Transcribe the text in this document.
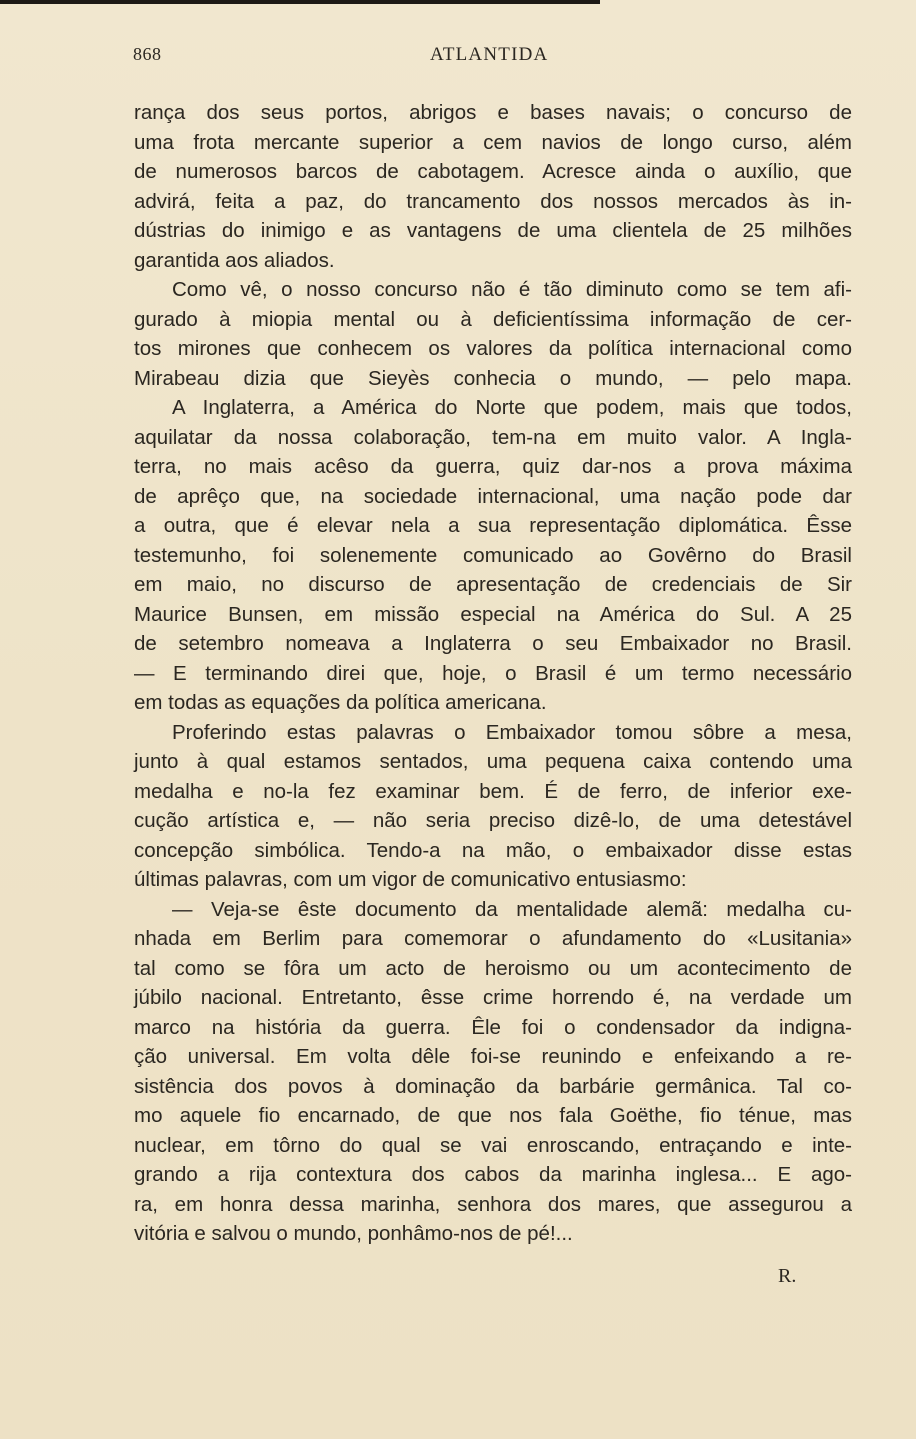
868	ATLANTIDA
rança dos seus portos, abrigos e bases navais; o concurso de
uma frota mercante superior a cem navios de longo curso, além
de numerosos barcos de cabotagem. Acresce ainda o auxílio, que
advirá, feita a paz, do trancamento dos nossos mercados às in-
dústrias do inimigo e as vantagens de uma clientela de 25 milhões
garantida aos aliados.
Como vê, o nosso concurso não é tão diminuto como se tem afi-
gurado à miopia mental ou à deficientíssima informação de cer-
tos mirones que conhecem os valores da política internacional como
Mirabeau dizia que Sieyès conhecia o mundo, — pelo mapa.
A Inglaterra, a América do Norte que podem, mais que todos,
aquilatar da nossa colaboração, tem-na em muito valor. A Ingla-
terra, no mais acêso da guerra, quiz dar-nos a prova máxima
de aprêço que, na sociedade internacional, uma nação pode dar
a outra, que é elevar nela a sua representação diplomática. Êsse
testemunho, foi solenemente comunicado ao Govêrno do Brasil
em maio, no discurso de apresentação de credenciais de Sir
Maurice Bunsen, em missão especial na América do Sul. A 25
de setembro nomeava a Inglaterra o seu Embaixador no Brasil.
— E terminando direi que, hoje, o Brasil é um termo necessário
em todas as equações da política americana.
Proferindo estas palavras o Embaixador tomou sôbre a mesa,
junto à qual estamos sentados, uma pequena caixa contendo uma
medalha e no-la fez examinar bem. É de ferro, de inferior exe-
cução artística e, — não seria preciso dizê-lo, de uma detestável
concepção simbólica. Tendo-a na mão, o embaixador disse estas
últimas palavras, com um vigor de comunicativo entusiasmo:
— Veja-se êste documento da mentalidade alemã: medalha cu-
nhada em Berlim para comemorar o afundamento do «Lusitania»
tal como se fôra um acto de heroismo ou um acontecimento de
júbilo nacional. Entretanto, êsse crime horrendo é, na verdade um
marco na história da guerra. Êle foi o condensador da indigna-
ção universal. Em volta dêle foi-se reunindo e enfeixando a re-
sistência dos povos à dominação da barbárie germânica. Tal co-
mo aquele fio encarnado, de que nos fala Goëthe, fio ténue, mas
nuclear, em tôrno do qual se vai enroscando, entraçando e inte-
grando a rija contextura dos cabos da marinha inglesa... E ago-
ra, em honra dessa marinha, senhora dos mares, que assegurou a
vitória e salvou o mundo, ponhâmo-nos de pé!...
R.
